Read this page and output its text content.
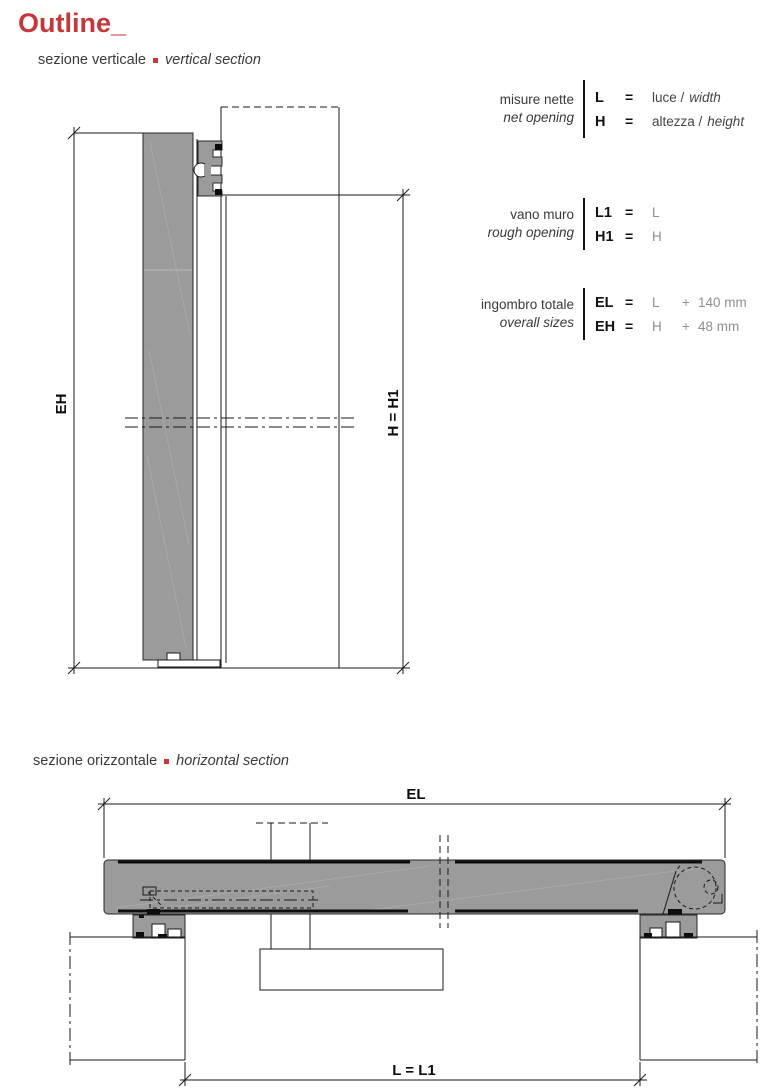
Outline_
sezione verticale vertical section
sezione orizzontale horizontal section
misure nette
net opening
L	=	luce / width
H	=	altezza / height
vano muro
rough opening
L1 =	L
H1 =	H
ingombro totale
overall sizes
EL =	L	+ 140 mm
EH =	H	+ 48 mm
EH	H = H1
EL
L = L1
